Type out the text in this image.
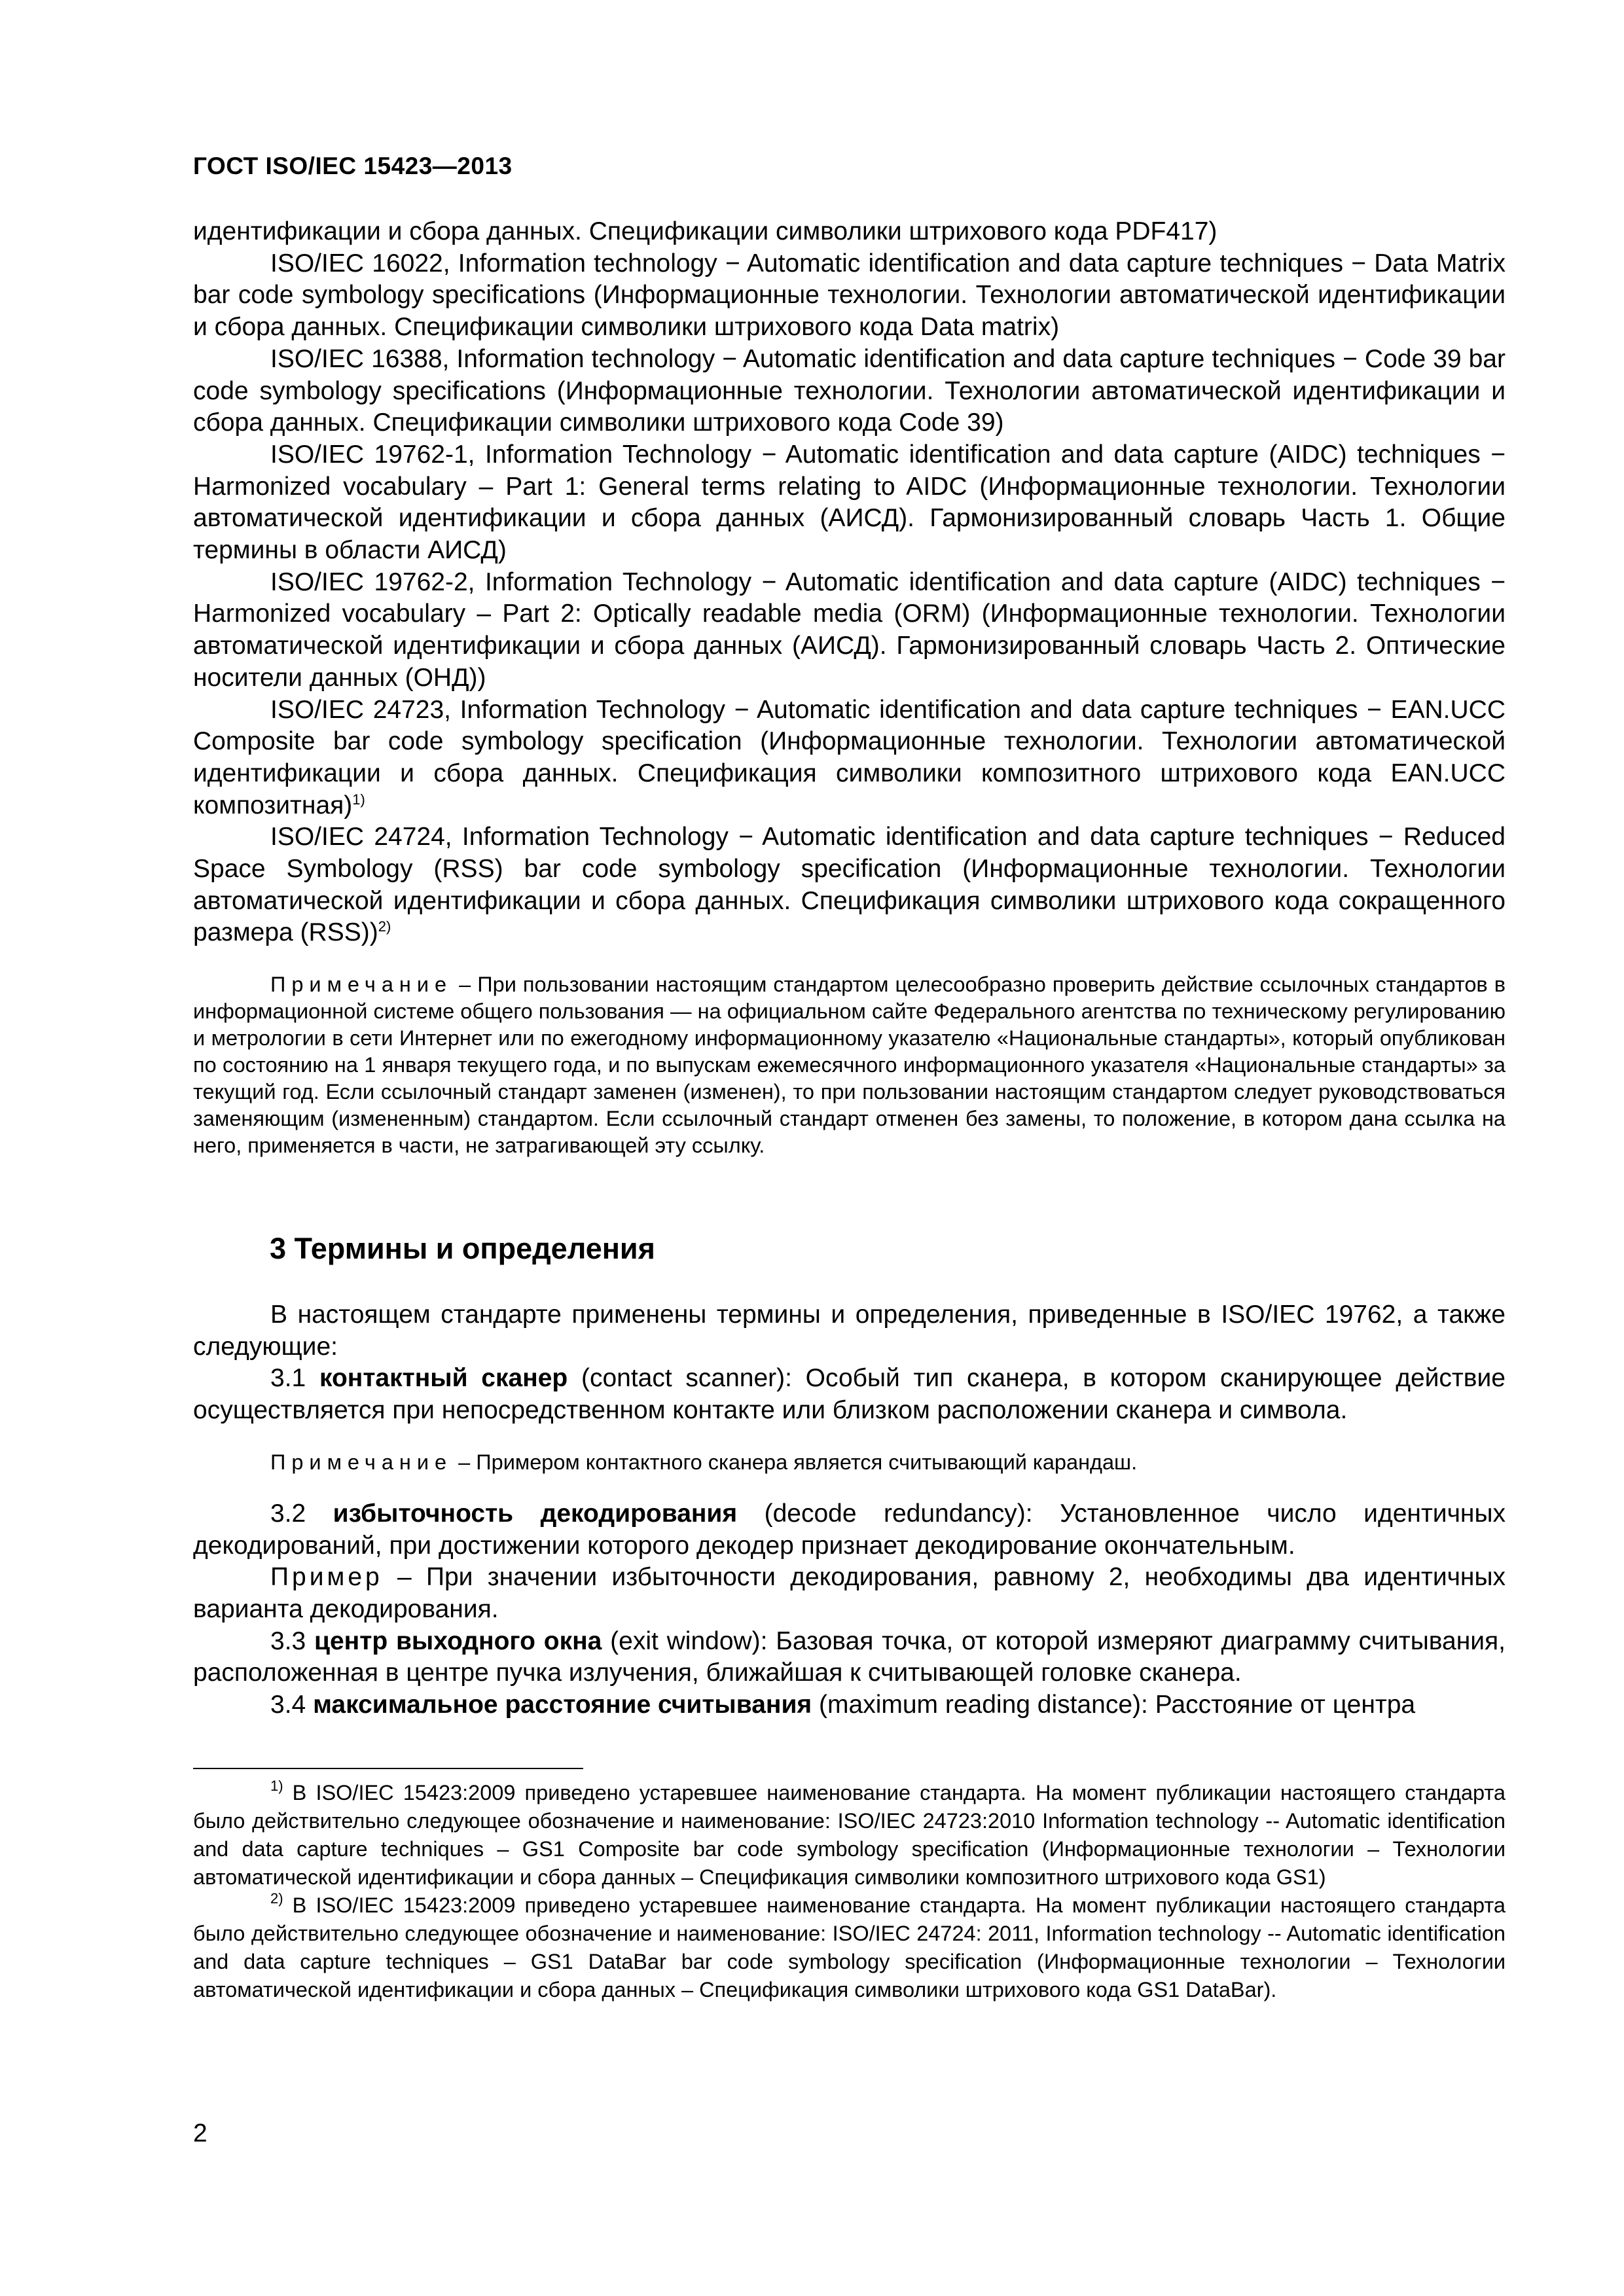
ГОСТ ISO/IEC 15423—2013

идентификации и сбора данных. Спецификации символики штрихового кода PDF417)

ISO/IEC 16022, Information technology − Automatic identification and data capture techniques − Data Matrix bar code symbology specifications (Информационные технологии. Технологии автоматической идентификации и сбора данных. Спецификации символики штрихового кода Data matrix)

ISO/IEC 16388, Information technology − Automatic identification and data capture techniques − Code 39 bar code symbology specifications (Информационные технологии. Технологии автоматической идентификации и сбора данных. Спецификации символики штрихового кода Code 39)

ISO/IEC 19762-1, Information Technology − Automatic identification and data capture (AIDC) techniques − Harmonized vocabulary – Part 1: General terms relating to AIDC (Информационные технологии. Технологии автоматической идентификации и сбора данных (АИСД). Гармонизированный словарь Часть 1. Общие термины в области АИСД)

ISO/IEC 19762-2, Information Technology − Automatic identification and data capture (AIDC) techniques − Harmonized vocabulary – Part 2: Optically readable media (ORM) (Информационные технологии. Технологии автоматической идентификации и сбора данных (АИСД). Гармонизированный словарь Часть 2. Оптические носители данных (ОНД))

ISO/IEC 24723, Information Technology − Automatic identification and data capture techniques − EAN.UCC Composite bar code symbology specification (Информационные технологии. Технологии автоматической идентификации и сбора данных. Спецификация символики композитного штрихового кода EAN.UCC композитная)$^{1)}$

ISO/IEC 24724, Information Technology − Automatic identification and data capture techniques − Reduced Space Symbology (RSS) bar code symbology specification (Информационные технологии. Технологии автоматической идентификации и сбора данных. Спецификация символики штрихового кода сокращенного размера (RSS))$^{2)}$

Примечание – При пользовании настоящим стандартом целесообразно проверить действие ссылочных стандартов в информационной системе общего пользования — на официальном сайте Федерального агентства по техническому регулированию и метрологии в сети Интернет или по ежегодному информационному указателю «Национальные стандарты», который опубликован по состоянию на 1 января текущего года, и по выпускам ежемесячного информационного указателя «Национальные стандарты» за текущий год. Если ссылочный стандарт заменен (изменен), то при пользовании настоящим стандартом следует руководствоваться заменяющим (измененным) стандартом. Если ссылочный стандарт отменен без замены, то положение, в котором дана ссылка на него, применяется в части, не затрагивающей эту ссылку.

3 Термины и определения

В настоящем стандарте применены термины и определения, приведенные в ISO/IEC 19762, а также следующие:

3.1 контактный сканер (contact scanner): Особый тип сканера, в котором сканирующее действие осуществляется при непосредственном контакте или близком расположении сканера и символа.

Примечание – Примером контактного сканера является считывающий карандаш.

3.2 избыточность декодирования (decode redundancy): Установленное число идентичных декодирований, при достижении которого декодер признает декодирование окончательным.

Пример – При значении избыточности декодирования, равному 2, необходимы два идентичных варианта декодирования.

3.3 центр выходного окна (exit window): Базовая точка, от которой измеряют диаграмму считывания, расположенная в центре пучка излучения, ближайшая к считывающей головке сканера.

3.4 максимальное расстояние считывания (maximum reading distance): Расстояние от центра

$^{1)}$ В ISO/IEC 15423:2009 приведено устаревшее наименование стандарта. На момент публикации настоящего стандарта было действительно следующее обозначение и наименование: ISO/IEC 24723:2010 Information technology -- Automatic identification and data capture techniques – GS1 Composite bar code symbology specification (Информационные технологии – Технологии автоматической идентификации и сбора данных – Спецификация символики композитного штрихового кода GS1)

$^{2)}$ В ISO/IEC 15423:2009 приведено устаревшее наименование стандарта. На момент публикации настоящего стандарта было действительно следующее обозначение и наименование: ISO/IEC 24724: 2011, Information technology -- Automatic identification and data capture techniques – GS1 DataBar bar code symbology specification (Информационные технологии – Технологии автоматической идентификации и сбора данных – Спецификация символики штрихового кода GS1 DataBar).

2
